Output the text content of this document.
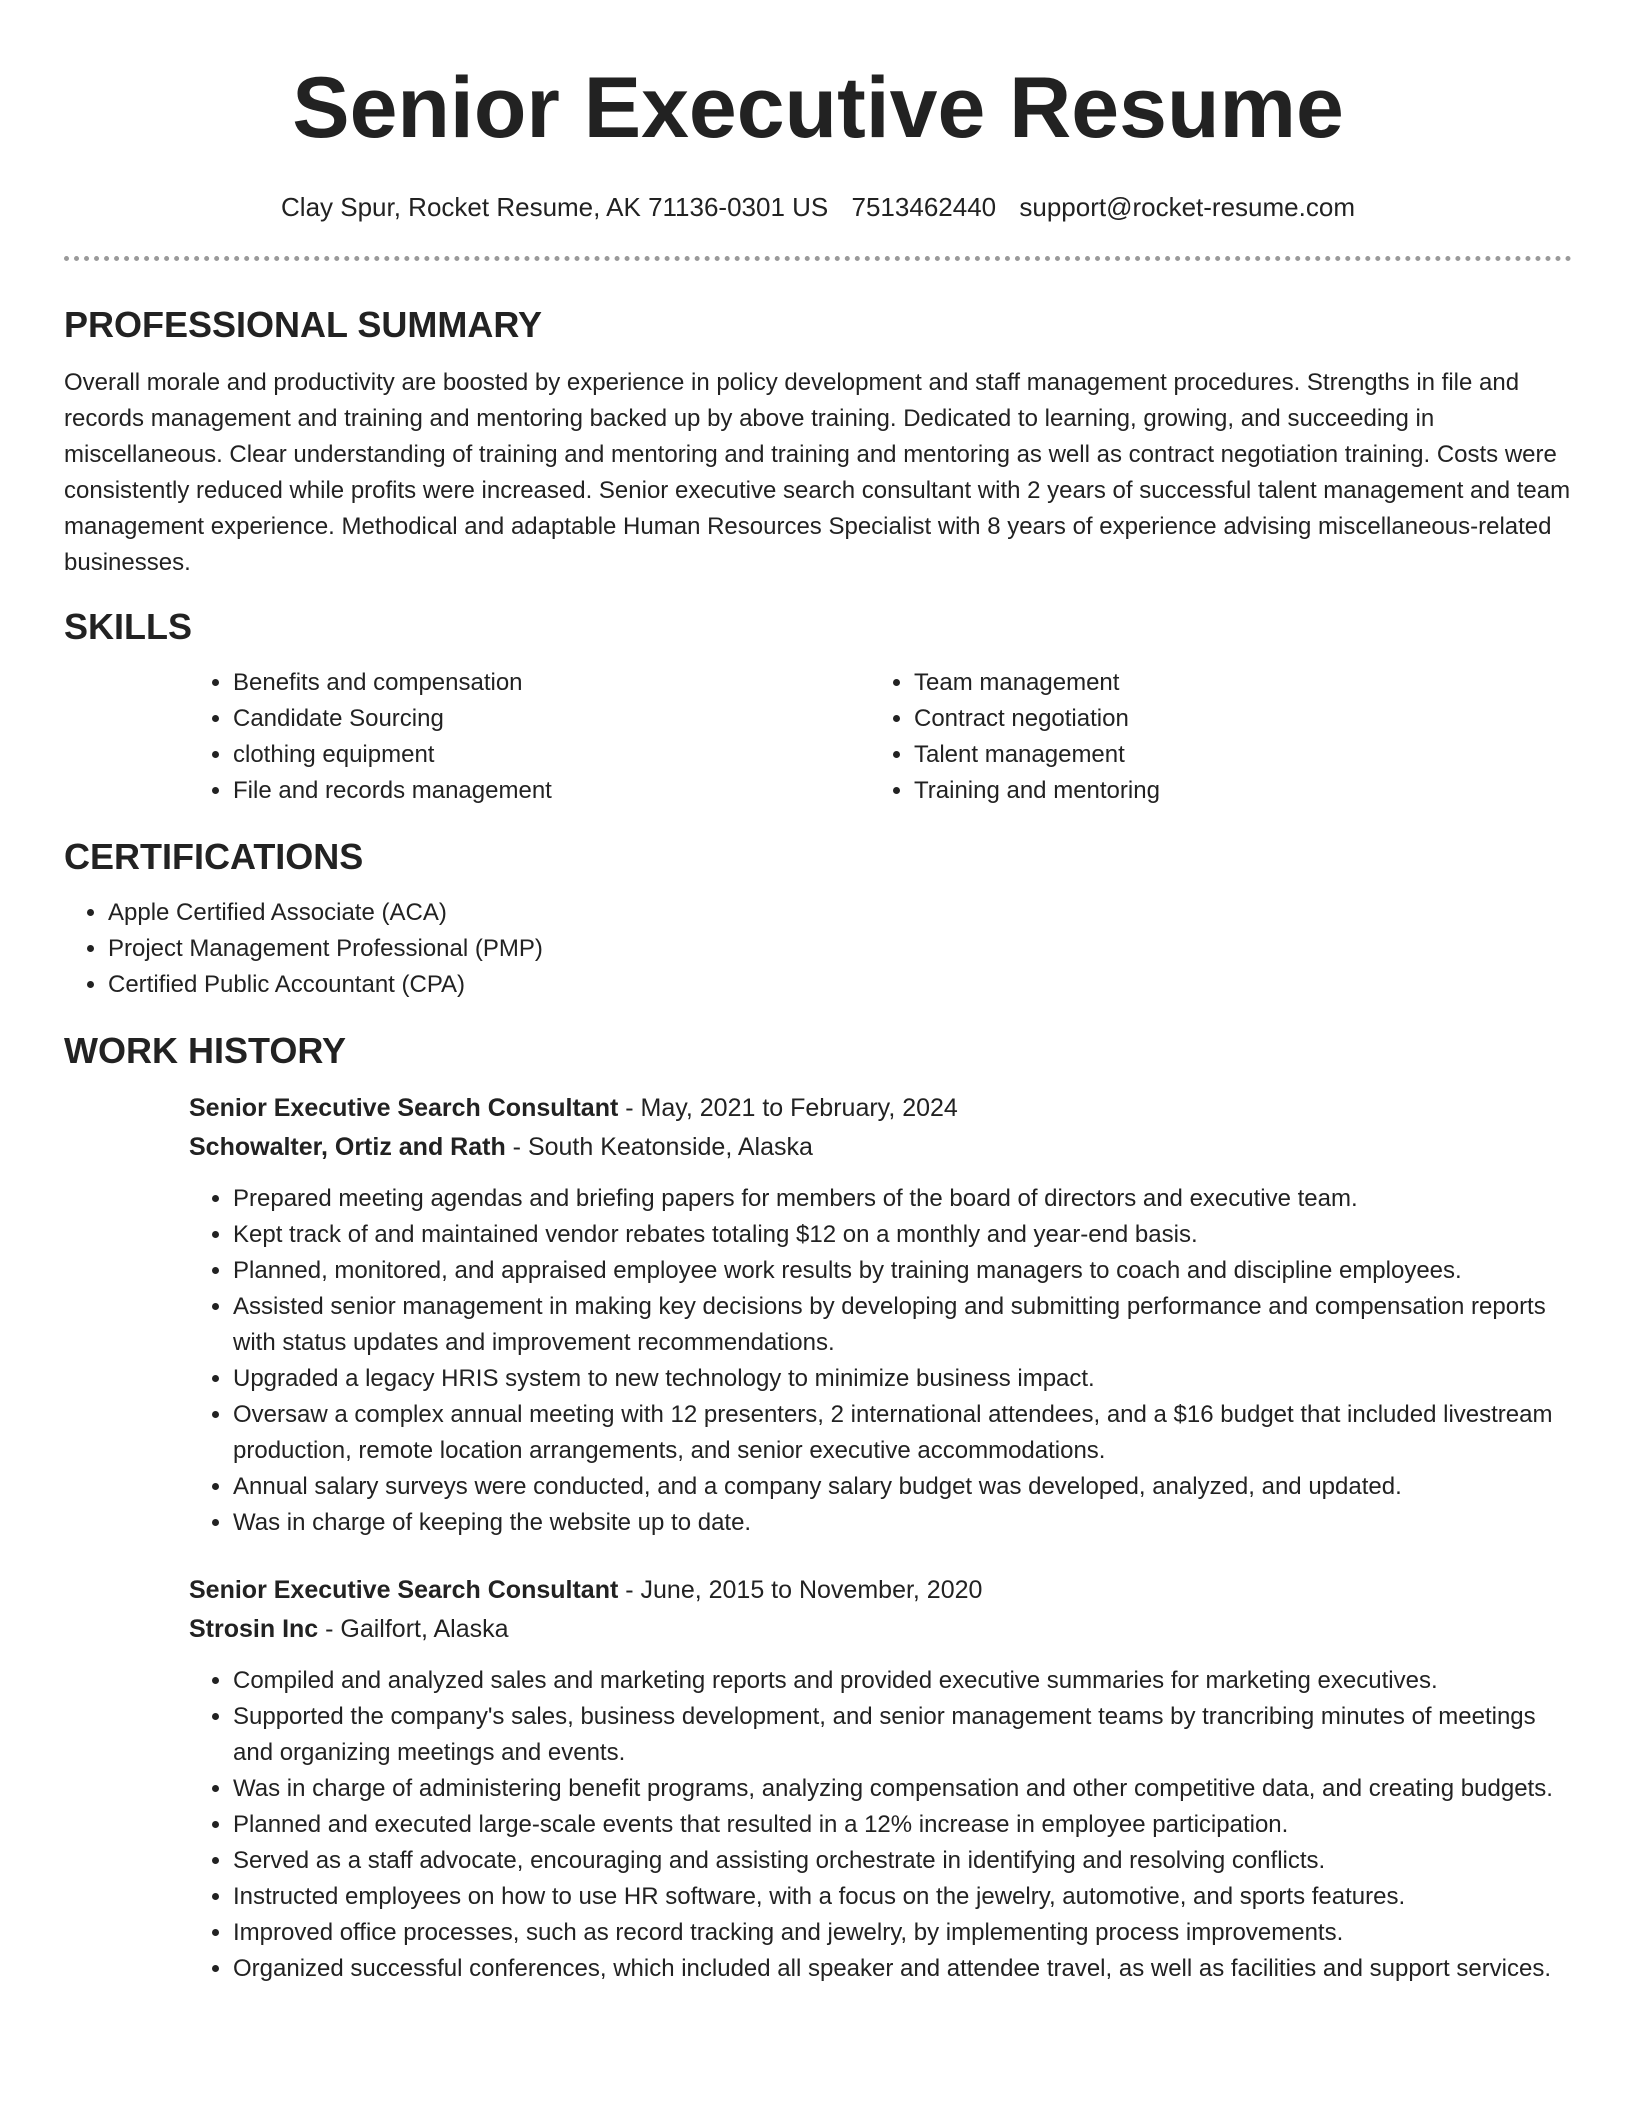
Senior Executive Resume
Clay Spur, Rocket Resume, AK 71136-0301 US 7513462440 support@rocket-resume.com
PROFESSIONAL SUMMARY

Overall morale and productivity are boosted by experience in policy development and staff management procedures. Strengths in file and records management and training and mentoring backed up by above training. Dedicated to learning, growing, and succeeding in miscellaneous. Clear understanding of training and mentoring and training and mentoring as well as contract negotiation training. Costs were consistently reduced while profits were increased. Senior executive search consultant with 2 years of successful talent management and team management experience. Methodical and adaptable Human Resources Specialist with 8 years of experience advising miscellaneous-related businesses.

SKILLS
• Benefits and compensation
• Candidate Sourcing
• clothing equipment
• File and records management
• Team management
• Contract negotiation
• Talent management
• Training and mentoring
CERTIFICATIONS
• Apple Certified Associate (ACA)
• Project Management Professional (PMP)
• Certified Public Accountant (CPA)
WORK HISTORY

Senior Executive Search Consultant - May, 2021 to February, 2024

Schowalter, Ortiz and Rath - South Keatonside, Alaska

• Prepared meeting agendas and briefing papers for members of the board of directors and executive team.
• Kept track of and maintained vendor rebates totaling $12 on a monthly and year-end basis.
• Planned, monitored, and appraised employee work results by training managers to coach and discipline employees.
• Assisted senior management in making key decisions by developing and submitting performance and compensation reports with status updates and improvement recommendations.
• Upgraded a legacy HRIS system to new technology to minimize business impact.
• Oversaw a complex annual meeting with 12 presenters, 2 international attendees, and a $16 budget that included livestream production, remote location arrangements, and senior executive accommodations.
• Annual salary surveys were conducted, and a company salary budget was developed, analyzed, and updated.
• Was in charge of keeping the website up to date.

Senior Executive Search Consultant - June, 2015 to November, 2020

Strosin Inc - Gailfort, Alaska

• Compiled and analyzed sales and marketing reports and provided executive summaries for marketing executives.
• Supported the company's sales, business development, and senior management teams by trancribing minutes of meetings and organizing meetings and events.
• Was in charge of administering benefit programs, analyzing compensation and other competitive data, and creating budgets.
• Planned and executed large-scale events that resulted in a 12% increase in employee participation.
• Served as a staff advocate, encouraging and assisting orchestrate in identifying and resolving conflicts.
• Instructed employees on how to use HR software, with a focus on the jewelry, automotive, and sports features.
• Improved office processes, such as record tracking and jewelry, by implementing process improvements.
• Organized successful conferences, which included all speaker and attendee travel, as well as facilities and support services.
